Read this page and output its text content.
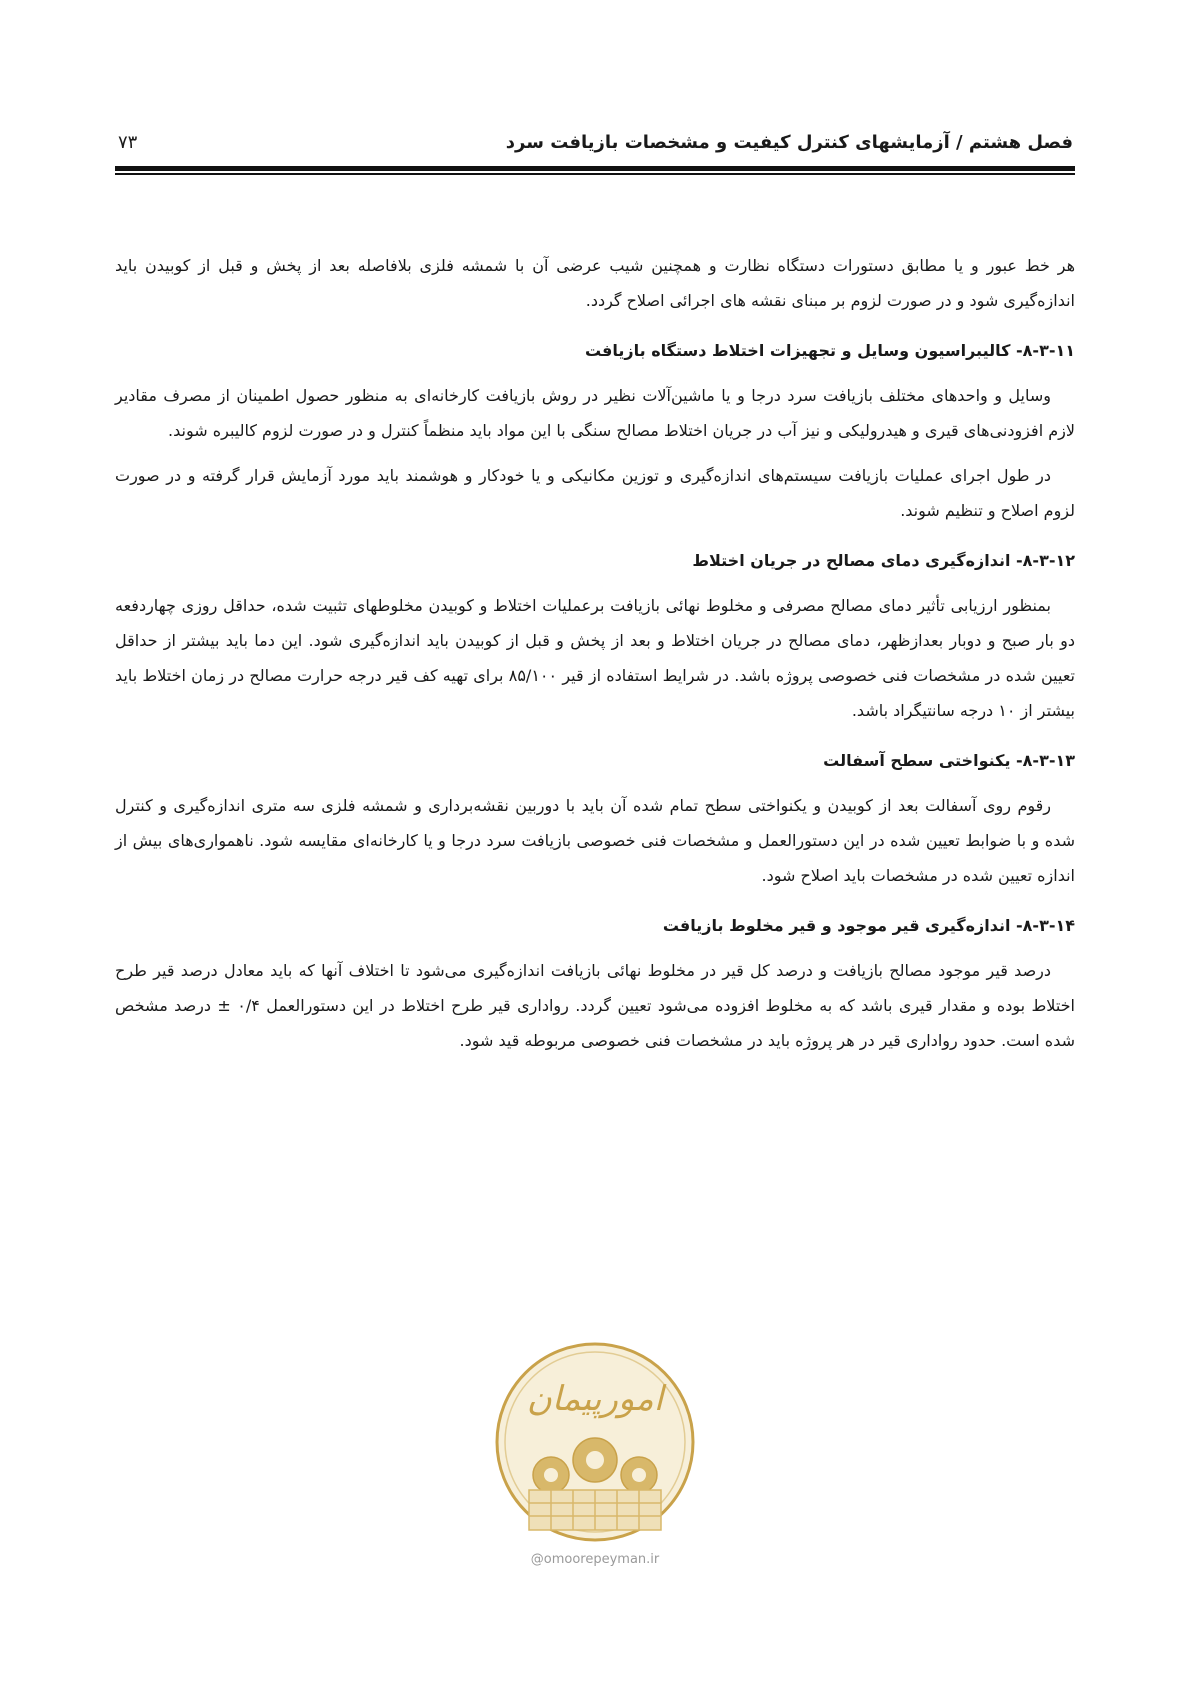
فصل هشتم / آزمایشهای کنترل کیفیت و مشخصات بازیافت سرد
۷۳

هر خط عبور و یا مطابق دستورات دستگاه نظارت و همچنین شیب عرضی آن با شمشه فلزی بلافاصله بعد از پخش و قبل از کوبیدن باید اندازه‌گیری شود و در صورت لزوم بر مبنای نقشه های اجرائی اصلاح گردد.

۸-۳-۱۱- کالیبراسیون وسایل و تجهیزات اختلاط دستگاه بازیافت

وسایل و واحدهای مختلف بازیافت سرد درجا و یا ماشین‌آلات نظیر در روش بازیافت کارخانه‌ای به منظور حصول اطمینان از مصرف مقادیر لازم افزودنی‌های قیری و هیدرولیکی و نیز آب در جریان اختلاط مصالح سنگی با این مواد باید منظماً کنترل و در صورت لزوم کالیبره شوند.

در طول اجرای عملیات بازیافت سیستم‌های اندازه‌گیری و توزین مکانیکی و یا خودکار و هوشمند باید مورد آزمایش قرار گرفته و در صورت لزوم اصلاح و تنظیم شوند.

۸-۳-۱۲- اندازه‌گیری دمای مصالح در جریان اختلاط

بمنظور ارزیابی تأثیر دمای مصالح مصرفی و مخلوط نهائی بازیافت برعملیات اختلاط و کوبیدن مخلوطهای تثبیت شده، حداقل روزی چهاردفعه دو بار صبح و دوبار بعدازظهر، دمای مصالح در جریان اختلاط و بعد از پخش و قبل از کوبیدن باید اندازه‌گیری شود. این دما باید بیشتر از حداقل تعیین شده در مشخصات فنی خصوصی پروژه باشد. در شرایط استفاده از قیر ۸۵/۱۰۰ برای تهیه کف قیر درجه حرارت مصالح در زمان اختلاط باید بیشتر از ۱۰ درجه سانتیگراد باشد.

۸-۳-۱۳- یکنواختی سطح آسفالت

رقوم روی آسفالت بعد از کوبیدن و یکنواختی سطح تمام شده آن باید با دوربین نقشه‌برداری و شمشه فلزی سه متری اندازه‌گیری و کنترل شده و با ضوابط تعیین شده در این دستورالعمل و مشخصات فنی خصوصی بازیافت سرد درجا و یا کارخانه‌ای مقایسه شود. ناهمواری‌های بیش از اندازه تعیین شده در مشخصات باید اصلاح شود.

۸-۳-۱۴- اندازه‌گیری قیر موجود و قیر مخلوط بازیافت

درصد قیر موجود مصالح بازیافت و درصد کل قیر در مخلوط نهائی بازیافت اندازه‌گیری می‌شود تا اختلاف آنها که باید معادل درصد قیر طرح اختلاط بوده و مقدار قیری باشد که به مخلوط افزوده می‌شود تعیین گردد. رواداری قیر طرح اختلاط در این دستورالعمل ۰/۴ ± درصد مشخص شده است. حدود رواداری قیر در هر پروژه باید در مشخصات فنی خصوصی مربوطه قید شود.

امورپیمان
@omoorepeyman.ir
